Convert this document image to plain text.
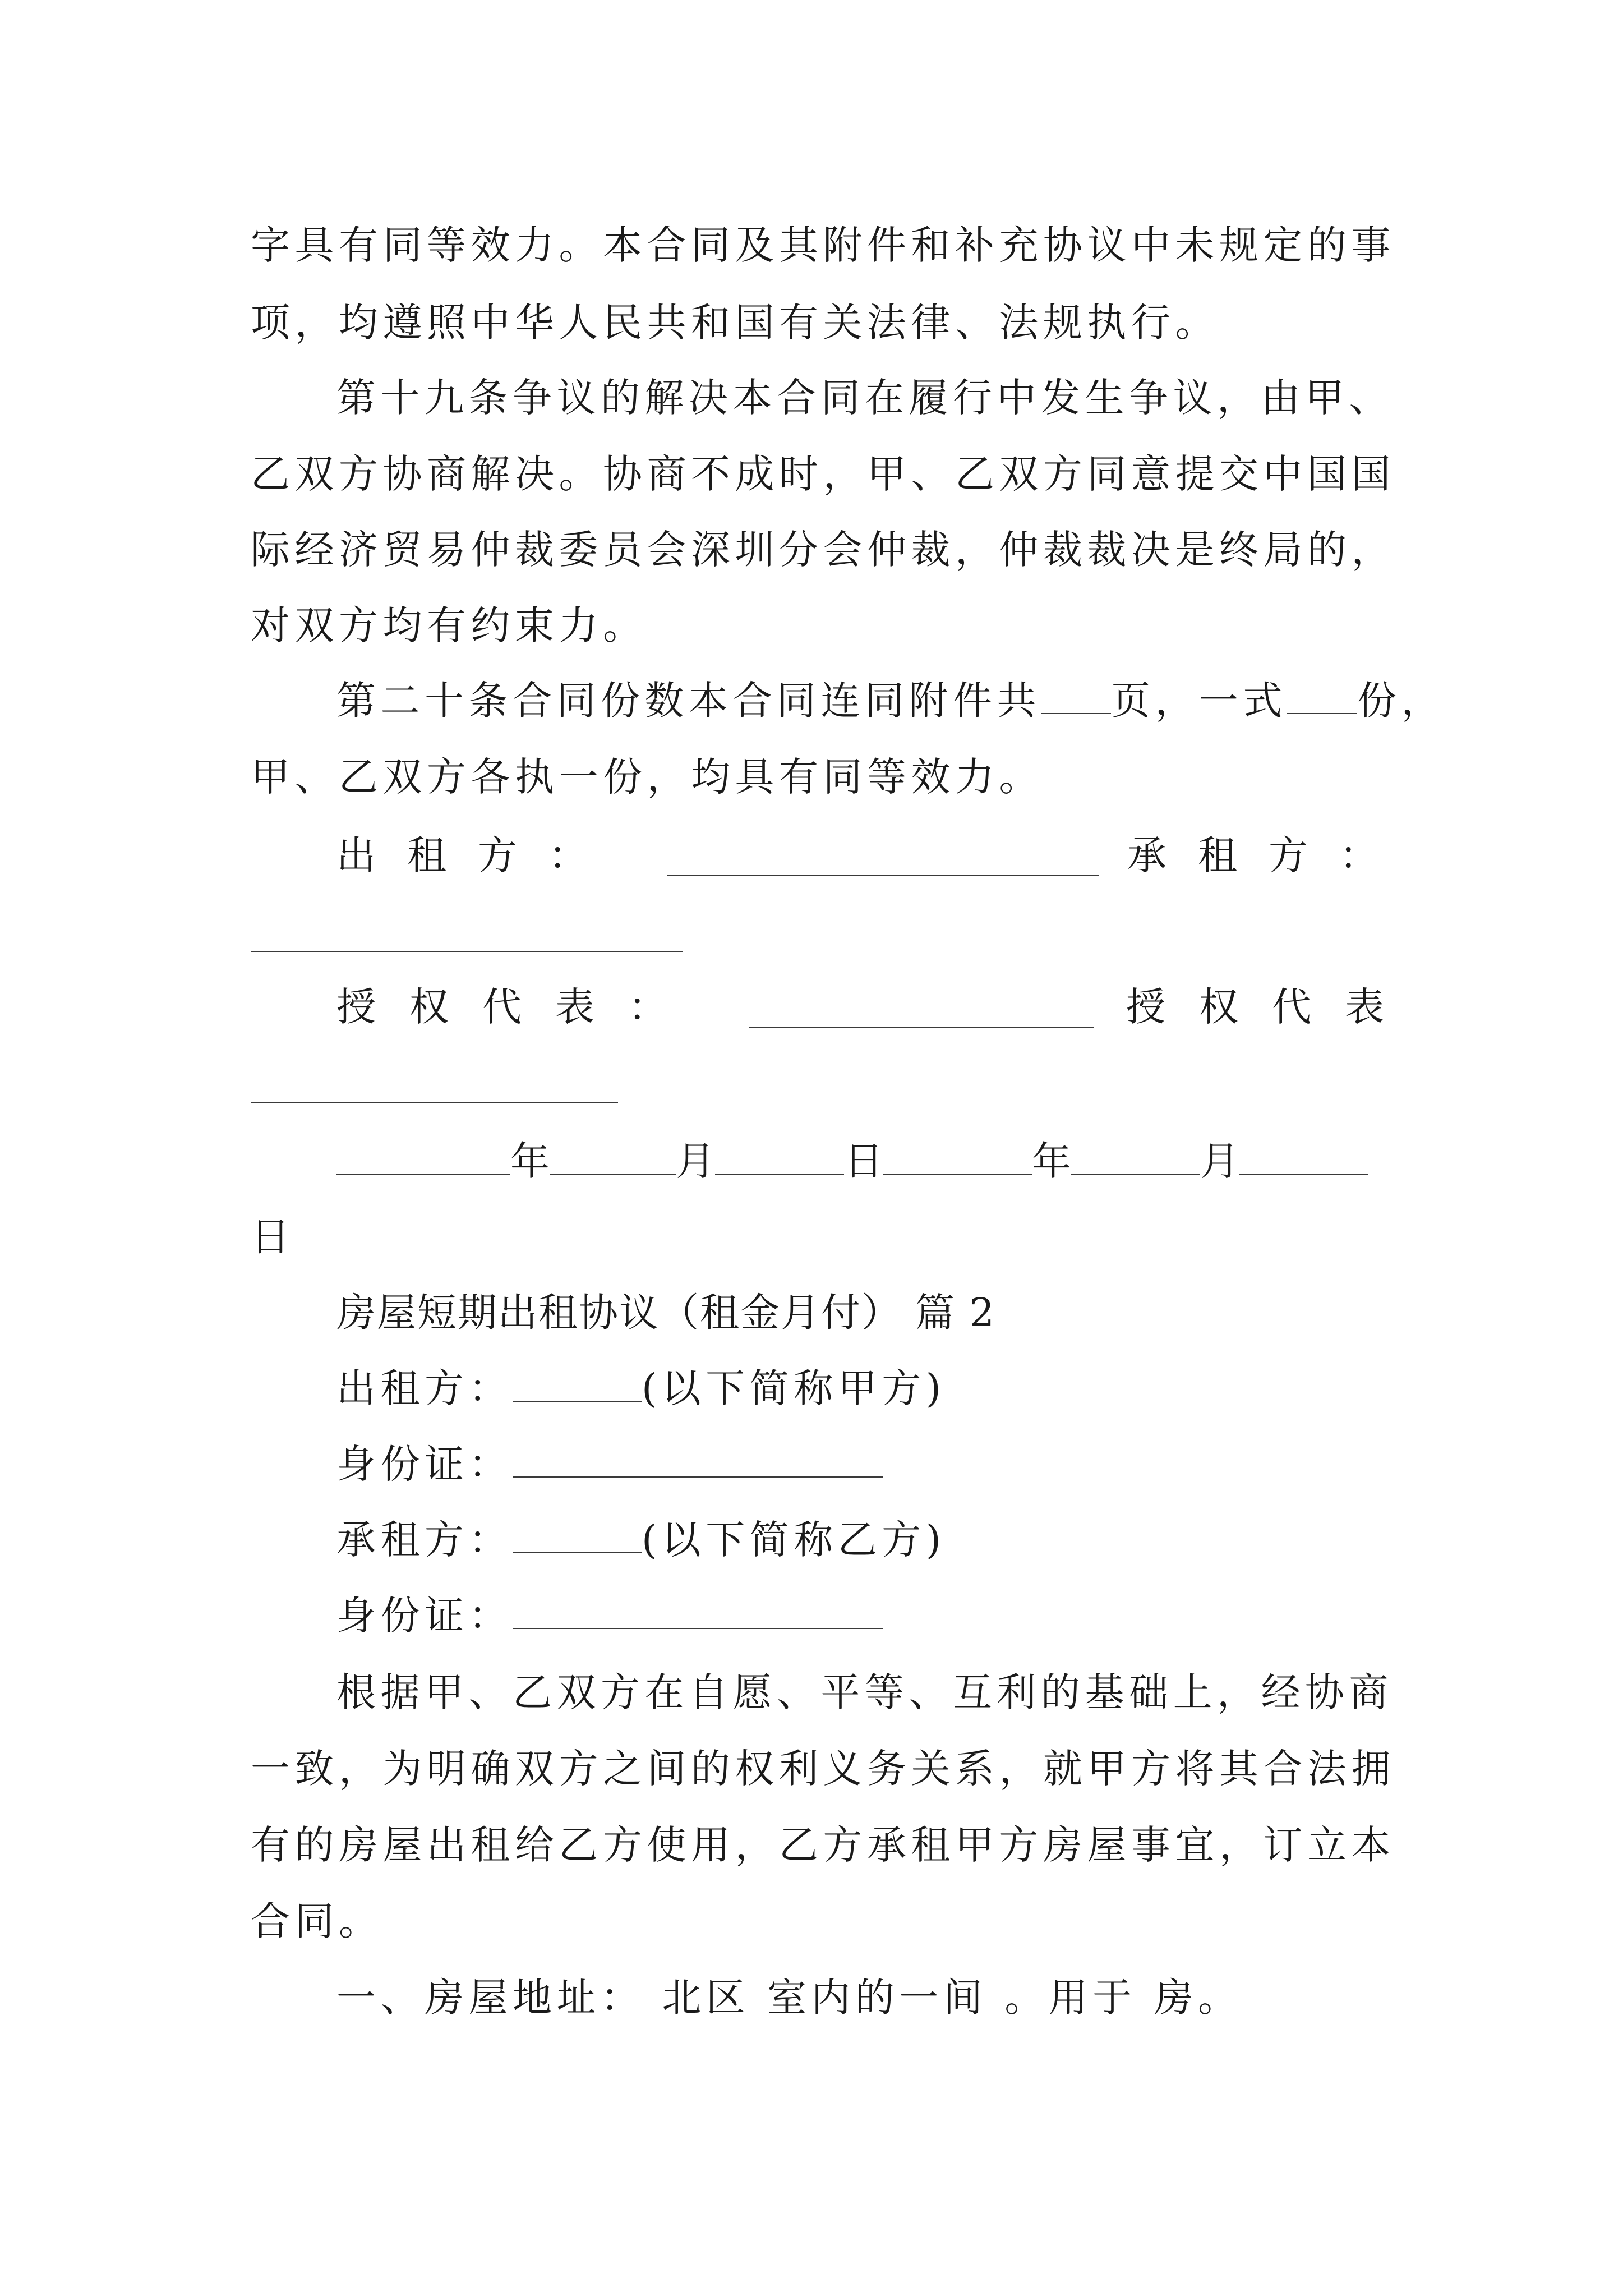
字具有同等效力。本合同及其附件和补充协议中未规定的事
项，均遵照中华人民共和国有关法律、法规执行。
第十九条争议的解决本合同在履行中发生争议，由甲、
乙双方协商解决。协商不成时，甲、乙双方同意提交中国国
际经济贸易仲裁委员会深圳分会仲裁，仲裁裁决是终局的，
对双方均有约束力。
第二十条合同份数本合同连同附件共 页，一式 份，
甲、乙双方各执一份，均具有同等效力。
出租方：	承租方：
授权代表：	授权代表
年	月	日	年	月
日
房屋短期出租协议（租金月付） 篇 2
出租方：	(以下简称甲方)
身份证：
承租方：	(以下简称乙方)
身份证：
根据甲、乙双方在自愿、平等、互利的基础上，经协商
一致，为明确双方之间的权利义务关系，就甲方将其合法拥
有的房屋出租给乙方使用，乙方承租甲方房屋事宜，订立本
合同。
一、房屋地址： 北区 室内的一间 。用于 房。
